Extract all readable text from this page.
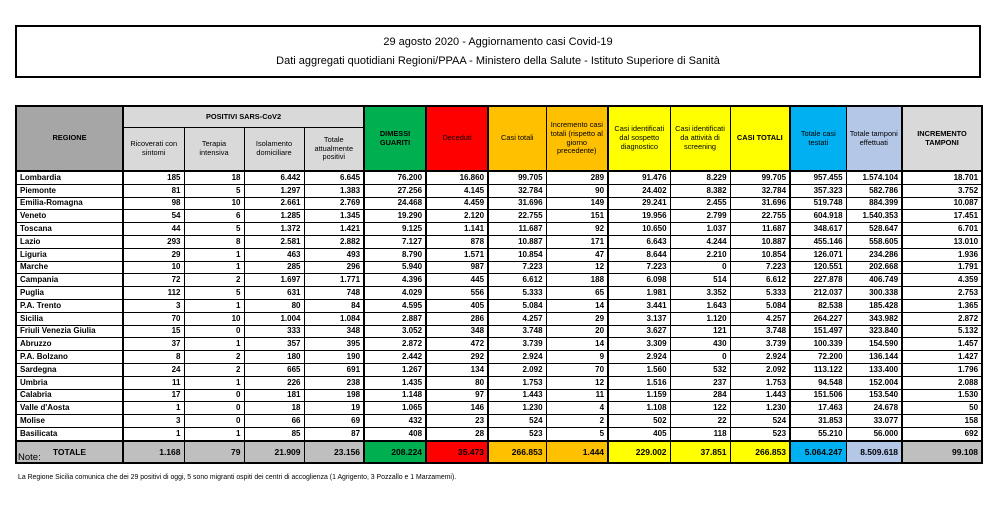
29 agosto 2020 - Aggiornamento casi Covid-19
Dati aggregati quotidiani Regioni/PPAA - Ministero della Salute - Istituto Superiore di Sanità
REGIONE	POSITIVI SARS-CoV2				DIMESSI GUARITI	Deceduti	Casi totali	Incremento casi totali (rispetto al giorno precedente)	Casi identificati dal sospetto diagnostico	Casi identificati da attività di screening	CASI TOTALI	Totale casi testati	Totale tamponi effettuati	INCREMENTO TAMPONI
	Ricoverati con sintomi	Terapia intensiva	Isolamento domiciliare	Totale attualmente positivi										
Lombardia	185	18	6.442	6.645	76.200	16.860	99.705	289	91.476	8.229	99.705	957.455	1.574.104	18.701
Piemonte	81	5	1.297	1.383	27.256	4.145	32.784	90	24.402	8.382	32.784	357.323	582.786	3.752
Emilia-Romagna	98	10	2.661	2.769	24.468	4.459	31.696	149	29.241	2.455	31.696	519.748	884.399	10.087
Veneto	54	6	1.285	1.345	19.290	2.120	22.755	151	19.956	2.799	22.755	604.918	1.540.353	17.451
Toscana	44	5	1.372	1.421	9.125	1.141	11.687	92	10.650	1.037	11.687	348.617	528.647	6.701
Lazio	293	8	2.581	2.882	7.127	878	10.887	171	6.643	4.244	10.887	455.146	558.605	13.010
Liguria	29	1	463	493	8.790	1.571	10.854	47	8.644	2.210	10.854	126.071	234.286	1.936
Marche	10	1	285	296	5.940	987	7.223	12	7.223	0	7.223	120.551	202.668	1.791
Campania	72	2	1.697	1.771	4.396	445	6.612	188	6.098	514	6.612	227.878	406.749	4.359
Puglia	112	5	631	748	4.029	556	5.333	65	1.981	3.352	5.333	212.037	300.338	2.753
P.A. Trento	3	1	80	84	4.595	405	5.084	14	3.441	1.643	5.084	82.538	185.428	1.365
Sicilia	70	10	1.004	1.084	2.887	286	4.257	29	3.137	1.120	4.257	264.227	343.982	2.872
Friuli Venezia Giulia	15	0	333	348	3.052	348	3.748	20	3.627	121	3.748	151.497	323.840	5.132
Abruzzo	37	1	357	395	2.872	472	3.739	14	3.309	430	3.739	100.339	154.590	1.457
P.A. Bolzano	8	2	180	190	2.442	292	2.924	9	2.924	0	2.924	72.200	136.144	1.427
Sardegna	24	2	665	691	1.267	134	2.092	70	1.560	532	2.092	113.122	133.400	1.796
Umbria	11	1	226	238	1.435	80	1.753	12	1.516	237	1.753	94.548	152.004	2.088
Calabria	17	0	181	198	1.148	97	1.443	11	1.159	284	1.443	151.506	153.540	1.530
Valle d'Aosta	1	0	18	19	1.065	146	1.230	4	1.108	122	1.230	17.463	24.678	50
Molise	3	0	66	69	432	23	524	2	502	22	524	31.853	33.077	158
Basilicata	1	1	85	87	408	28	523	5	405	118	523	55.210	56.000	692
TOTALE	1.168	79	21.909	23.156	208.224	35.473	266.853	1.444	229.002	37.851	266.853	5.064.247	8.509.618	99.108
Note:
La Regione Sicilia comunica che dei 29 positivi di oggi, 5 sono migranti ospiti dei centri di accoglienza (1 Agrigento, 3 Pozzallo e 1 Marzamemi).
